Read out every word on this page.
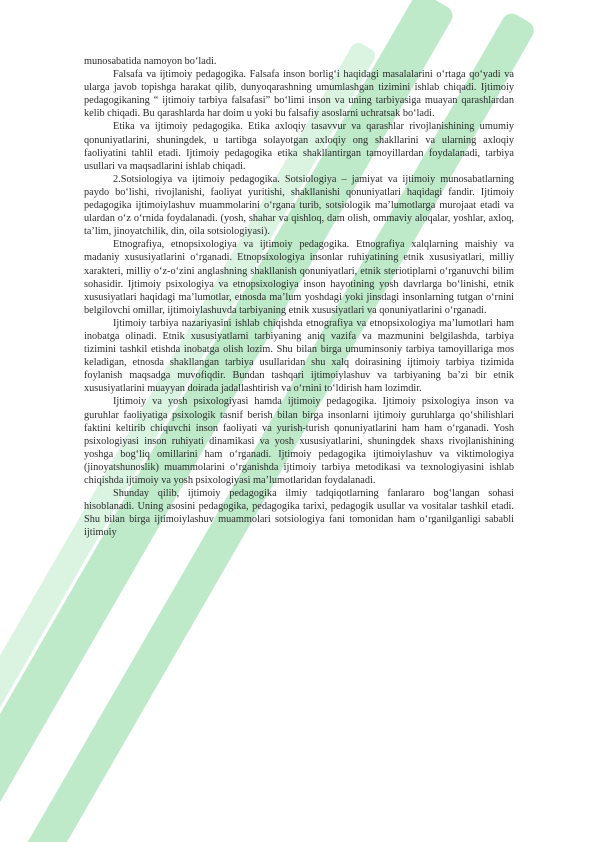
munosabatida namoyon bo‘ladi.

Falsafa va ijtimoiy pedagogika. Falsafa inson borlig‘i haqidagi masalalarini o‘rtaga qo‘yadi va ularga javob topishga harakat qilib, dunyoqarashning umumlashgan tizimini ishlab chiqadi. Ijtimoiy pedagogikaning “ ijtimoiy tarbiya falsafasi” bo‘limi inson va uning tarbiyasiga muayan qarashlardan kelib chiqadi. Bu qarashlarda har doim u yoki bu falsafiy asoslarni uchratsak bo‘ladi.

Etika va ijtimoiy pedagogika. Etika axloqiy tasavvur va qarashlar rivojlanishining umumiy qonuniyatlarini, shuningdek, u tartibga solayotgan axloqiy ong shakllarini va ularning axloqiy faoliyatini tahlil etadi. Ijtimoiy pedagogika etika shakllantirgan tamoyillardan foydalanadi, tarbiya usullari va maqsadlarini ishlab chiqadi.

2.Sotsiologiya va ijtimoiy pedagogika. Sotsiologiya – jamiyat va ijtimoiy munosabatlarning paydo bo‘lishi, rivojlanishi, faoliyat yuritishi, shakllanishi qonuniyatlari haqidagi fandir. Ijtimoiy pedagogika ijtimoiylashuv muammolarini o‘rgana turib, sotsiologik ma’lumotlarga murojaat etadi va ulardan o‘z o‘rnida foydalanadi. (yosh, shahar va qishloq, dam olish, ommaviy aloqalar, yoshlar, axloq, ta’lim, jinoyatchilik, din, oila sotsiologiyasi).

Etnografiya, etnopsixologiya va ijtimoiy pedagogika. Etnografiya xalqlarning maishiy va madaniy xususiyatlarini o‘rganadi. Etnopsixologiya insonlar ruhiyatining etnik xususiyatlari, milliy xarakteri, milliy o‘z-o‘zini anglashning shakllanish qonuniyatlari, etnik steriotiplarni o‘rganuvchi bilim sohasidir. Ijtimoiy psixologiya va etnopsixologiya inson hayotining yosh davrlarga bo‘linishi, etnik xususiyatlari haqidagi ma’lumotlar, etnosda ma’lum yoshdagi yoki jinsdagi insonlarning tutgan o‘rnini belgilovchi omillar, ijtimoiylashuvda tarbiyaning etnik xususiyatlari va qonuniyatlarini o‘rganadi.

Ijtimoiy tarbiya nazariyasini ishlab chiqishda etnografiya va etnopsixologiya ma’lumotlari ham inobatga olinadi. Etnik xususiyatlarni tarbiyaning aniq vazifa va mazmunini belgilashda, tarbiya tizimini tashkil etishda inobatga olish lozim. Shu bilan birga umuminsoniy tarbiya tamoyillariga mos keladigan, etnosda shakllangan tarbiya usullaridan shu xalq doirasining ijtimoiy tarbiya tizimida foylanish maqsadga muvofiqdir. Bundan tashqari ijtimoiylashuv va tarbiyaning ba’zi bir etnik xususiyatlarini muayyan doirada jadallashtirish va o‘rnini to‘ldirish ham lozimdir.

Ijtimoiy va yosh psixologiyasi hamda ijtimoiy pedagogika. Ijtimoiy psixologiya inson va guruhlar faoliyatiga psixologik tasnif berish bilan birga insonlarni ijtimoiy guruhlarga qo‘shilishlari faktini keltirib chiquvchi inson faoliyati va yurish-turish qonuniyatlarini ham ham o‘rganadi. Yosh psixologiyasi inson ruhiyati dinamikasi va yosh xususiyatlarini, shuningdek shaxs rivojlanishining yoshga bog‘liq omillarini ham o‘rganadi. Ijtimoiy pedagogika ijtimoiylashuv va viktimologiya (jinoyatshunoslik) muammolarini o‘rganishda ijtimoiy tarbiya metodikasi va texnologiyasini ishlab chiqishda ijtimoiy va yosh psixologiyasi ma’lumotlaridan foydalanadi.

Shunday qilib, ijtimoiy pedagogika ilmiy tadqiqotlarning fanlararo bog‘langan sohasi hisoblanadi. Uning asosini pedagogika, pedagogika tarixi, pedagogik usullar va vositalar tashkil etadi. Shu bilan birga ijtimoiylashuv muammolari sotsiologiya fani tomonidan ham o‘rganilganligi sababli ijtimoiy
